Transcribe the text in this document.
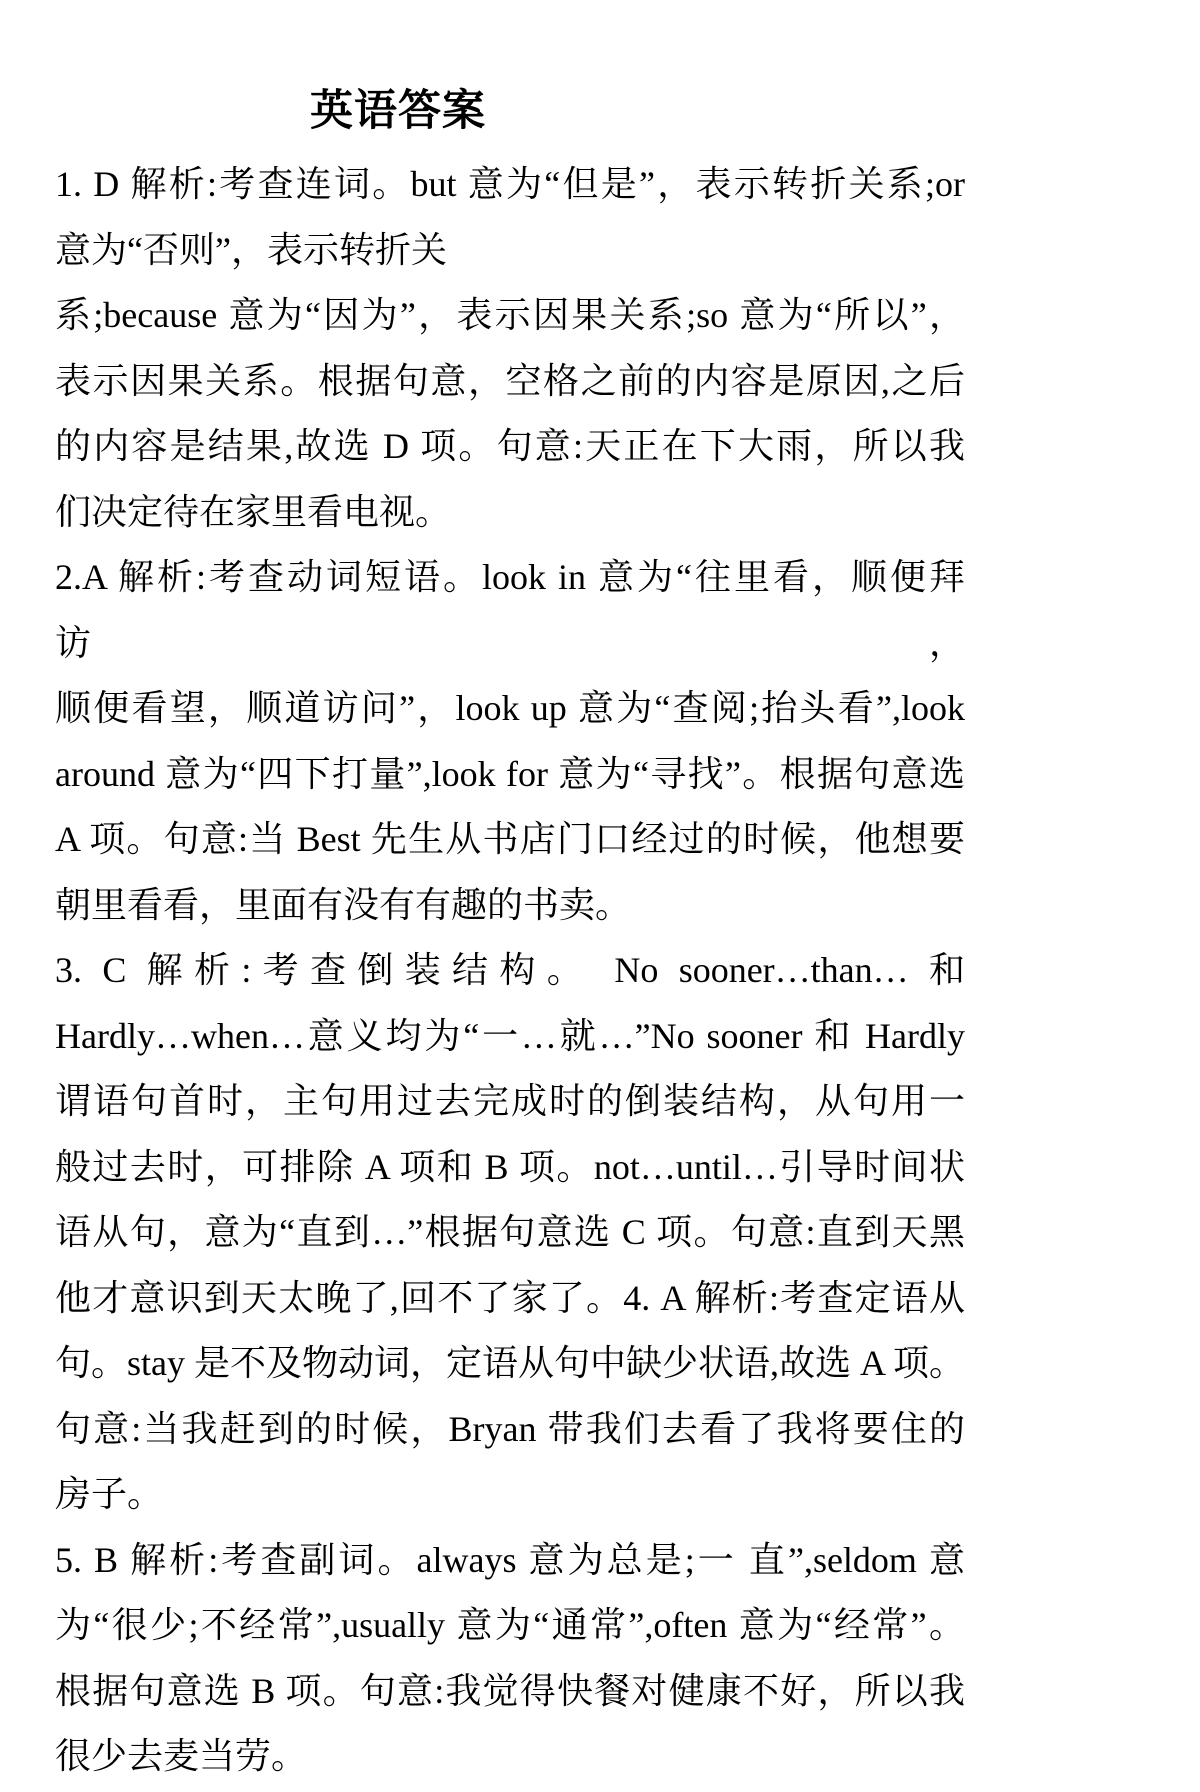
英语答案
1. D 解析:考查连词。but 意为“但是”，表示转折关系;or
意为“否则”，表示转折关
系;because 意为“因为”，表示因果关系;so 意为“所以”，
表示因果关系。根据句意，空格之前的内容是原因,之后
的内容是结果,故选 D 项。句意:天正在下大雨，所以我
们决定待在家里看电视。
2.A 解析:考查动词短语。look in 意为“往里看，顺便拜访，
顺便看望，顺道访问”，look up 意为“查阅;抬头看”,look
around 意为“四下打量”,look for 意为“寻找”。根据句意选
A 项。句意:当 Best 先生从书店门口经过的时候，他想要
朝里看看，里面有没有有趣的书卖。
3. C 解析:考查倒装结构。 No sooner…than… 和
Hardly…when…意义均为“一…就…”No sooner 和 Hardly
谓语句首时，主句用过去完成时的倒装结构，从句用一
般过去时，可排除 A 项和 B 项。not…until…引导时间状
语从句，意为“直到…”根据句意选 C 项。句意:直到天黑
他才意识到天太晚了,回不了家了。4. A 解析:考查定语从
句。stay 是不及物动词，定语从句中缺少状语,故选 A 项。
句意:当我赶到的时候，Bryan 带我们去看了我将要住的
房子。
5. B 解析:考查副词。always 意为总是;一 直”,seldom 意
为“很少;不经常”,usually 意为“通常”,often 意为“经常”。
根据句意选 B 项。句意:我觉得快餐对健康不好，所以我
很少去麦当劳。
